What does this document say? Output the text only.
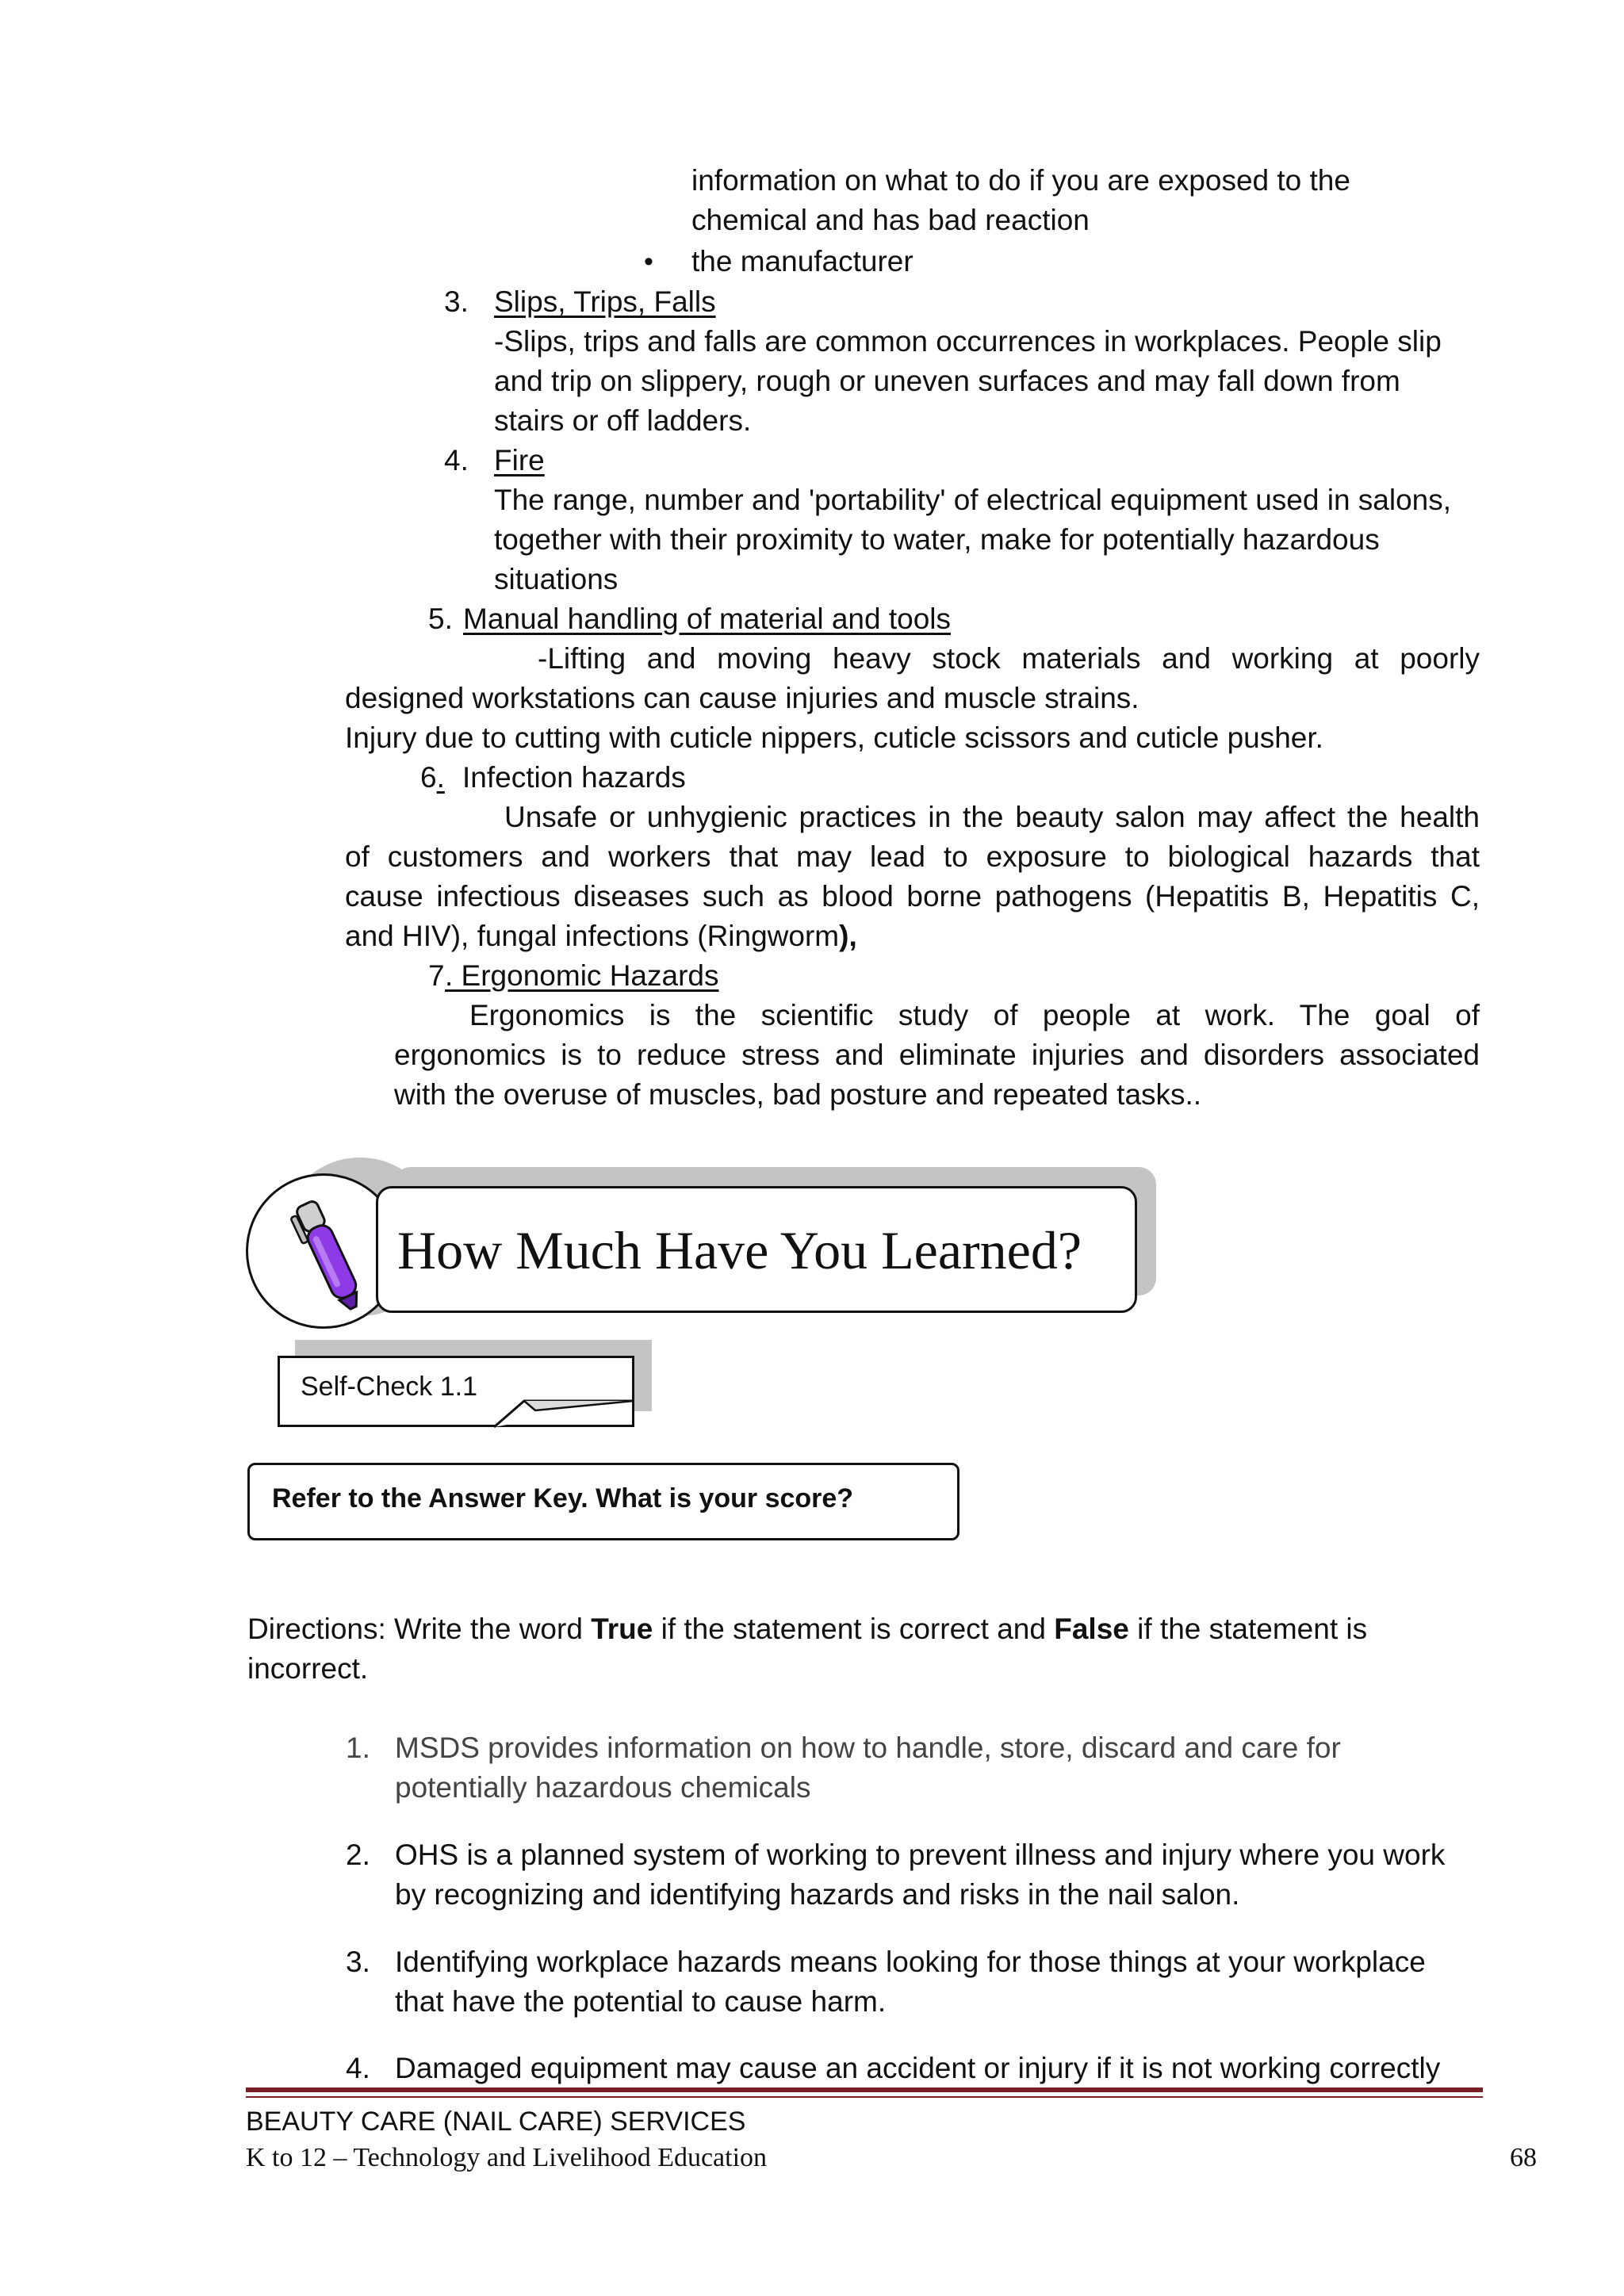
information on what to do if you are exposed to the
chemical and has bad reaction
• the manufacturer
3. Slips, Trips, Falls
-Slips, trips and falls are common occurrences in workplaces. People slip
and trip on slippery, rough or uneven surfaces and may fall down from
stairs or off ladders.
4. Fire
The range, number and 'portability' of electrical equipment used in salons,
together with their proximity to water, make for potentially hazardous
situations
5. Manual handling of material and tools
-Lifting and moving heavy stock materials and working at poorly
designed workstations can cause injuries and muscle strains.
Injury due to cutting with cuticle nippers, cuticle scissors and cuticle pusher.
6. Infection hazards
Unsafe or unhygienic practices in the beauty salon may affect the health
of customers and workers that may lead to exposure to biological hazards that
cause infectious diseases such as blood borne pathogens (Hepatitis B, Hepatitis C,
and HIV), fungal infections (Ringworm),
7 . Ergonomic Hazards
Ergonomics is the scientific study of people at work. The goal of
ergonomics is to reduce stress and eliminate injuries and disorders associated
with the overuse of muscles, bad posture and repeated tasks..
How Much Have You Learned?
Self-Check 1.1
Refer to the Answer Key. What is your score?
Directions: Write the word True if the statement is correct and False if the statement is
incorrect.
1. MSDS provides information on how to handle, store, discard and care for
potentially hazardous chemicals
2. OHS is a planned system of working to prevent illness and injury where you work
by recognizing and identifying hazards and risks in the nail salon.
3. Identifying workplace hazards means looking for those things at your workplace
that have the potential to cause harm.
4. Damaged equipment may cause an accident or injury if it is not working correctly
BEAUTY CARE (NAIL CARE) SERVICES
K to 12 – Technology and Livelihood Education	68
